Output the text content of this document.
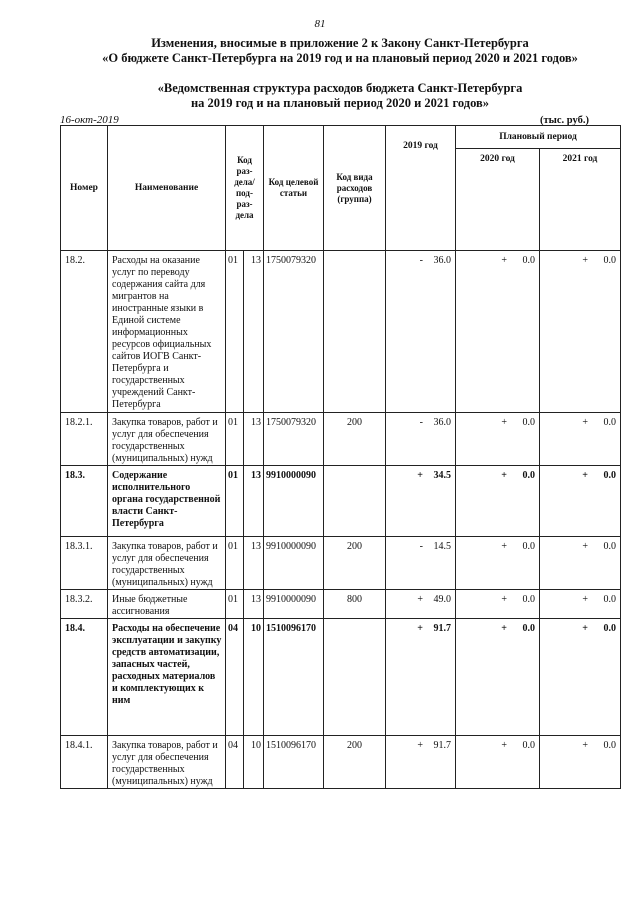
81
Изменения, вносимые в приложение 2 к Закону Санкт-Петербурга
«О бюджете Санкт-Петербурга на 2019 год и на плановый период 2020 и 2021 годов»
«Ведомственная структура расходов бюджета Санкт-Петербурга
на 2019 год и на плановый период 2020 и 2021 годов»
16-окт-2019	(тыс. руб.)
Номер	Наименование	Код раз-дела/ под-раз-дела		Код целевой статьи	Код вида расходов (группа)	2019 год	Плановый период	
							2020 год	2021 год
18.2.	Расходы на оказание услуг по переводу содержания сайта для мигрантов на иностранные языки в Единой системе информационных ресурсов официальных сайтов ИОГВ Санкт-Петербурга и государственных учреждений Санкт-Петербурга	01	13	1750079320		- 36.0	+ 0.0	+ 0.0
18.2.1.	Закупка товаров, работ и услуг для обеспечения государственных (муниципальных) нужд	01	13	1750079320	200	- 36.0	+ 0.0	+ 0.0
18.3.	Содержание исполнительного органа государственной власти Санкт-Петербурга	01	13	9910000090		+ 34.5	+ 0.0	+ 0.0
18.3.1.	Закупка товаров, работ и услуг для обеспечения государственных (муниципальных) нужд	01	13	9910000090	200	- 14.5	+ 0.0	+ 0.0
18.3.2.	Иные бюджетные ассигнования	01	13	9910000090	800	+ 49.0	+ 0.0	+ 0.0
18.4.	Расходы на обеспечение эксплуатации и закупку средств автоматизации, запасных частей, расходных материалов и комплектующих к ним	04	10	1510096170		+ 91.7	+ 0.0	+ 0.0
18.4.1.	Закупка товаров, работ и услуг для обеспечения государственных (муниципальных) нужд	04	10	1510096170	200	+ 91.7	+ 0.0	+ 0.0
